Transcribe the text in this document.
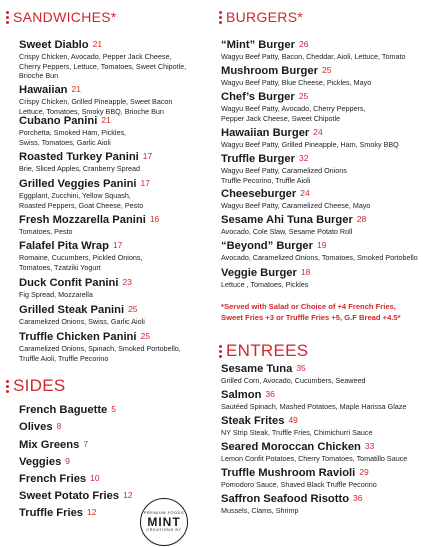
SANDWICHES*
Sweet Diablo 21
Crispy Chicken, Avocado, Pepper Jack Cheese,
Cherry Peppers, Lettuce, Tomatoes, Sweet Chipotle,
Brioche Bun
Hawaiian 21
Crispy Chicken, Grilled Pineapple, Sweet Bacon
Lettuce, Tomatoes, Smoky BBQ, Brioche Bun
Cubano Panini 21
Porchetta, Smoked Ham, Pickles,
Swiss, Tomatoes, Garlic Aioli
Roasted Turkey Panini 17
Brie, Sliced Apples, Cranberry Spread
Grilled Veggies Panini 17
Eggplant, Zucchini, Yellow Squash,
Roasted Peppers, Goat Cheese, Pesto
Fresh Mozzarella Panini 16
Tomatoes, Pesto
Falafel Pita Wrap 17
Romaine, Cucumbers, Pickled Onions,
Tomatoes, Tzatziki Yogurt
Duck Confit Panini 23
Fig Spread, Mozzarella
Grilled Steak Panini 25
Caramelized Onions, Swiss, Garlic Aioli
Truffle Chicken Panini 25
Caramelized Onions, Spinach, Smoked Portobello,
Truffle Aioli, Truffle Pecorino
SIDES
French Baguette 5
Olives 8
Mix Greens 7
Veggies 9
French Fries 10
Sweet Potato Fries 12
Truffle Fries 12	PREMIUM FOODS
MINT
CREATIONS BY
BURGERS*
“Mint” Burger 26
Wagyu Beef Patty, Bacon, Cheddar, Aioli, Lettuce, Tomato
Mushroom Burger 25
Wagyu Beef Patty, Blue Cheese, Pickles, Mayo
Chef’s Burger 25
Wagyu Beef Patty, Avocado, Cherry Peppers,
Pepper Jack Cheese, Sweet Chipotle
Hawaiian Burger 24
Wagyu Beef Patty, Grilled Pineapple, Ham, Smoky BBQ
Truffle Burger 32
Wagyu Beef Patty, Caramelized Onions
Truffle Pecorino, Truffle Aioli
Cheeseburger 24
Wagyu Beef Patty, Caramelized Cheese, Mayo
Sesame Ahi Tuna Burger 28
Avocado, Cole Slaw, Sesame Potato Roll
“Beyond” Burger 19
Avocado, Caramelized Onions, Tomatoes, Smoked Portobello
Veggie Burger 18
Lettuce , Tomatoes, Pickles
*Served with Salad or Choice of +4 French Fries,
Sweet Fries +3 or Truffle Fries +5, G.F Bread +4.5*
ENTREES
Sesame Tuna 35
Grilled Corn, Avocado, Cucumbers, Seaweed
Salmon 36
Sautéed Spinach, Mashed Potatoes, Maple Harissa Glaze
Steak Frites 49
NY Strip Steak, Truffle Fries, Chimichurri Sauce
Seared Moroccan Chicken 33
Lemon Confit Potatoes, Cherry Tomatoes, Tomatillo Sauce
Truffle Mushroom Ravioli 29
Pomodoro Sauce, Shaved Black Truffle Pecorino
Saffron Seafood Risotto 36
Mussels, Clams, Shrimp
